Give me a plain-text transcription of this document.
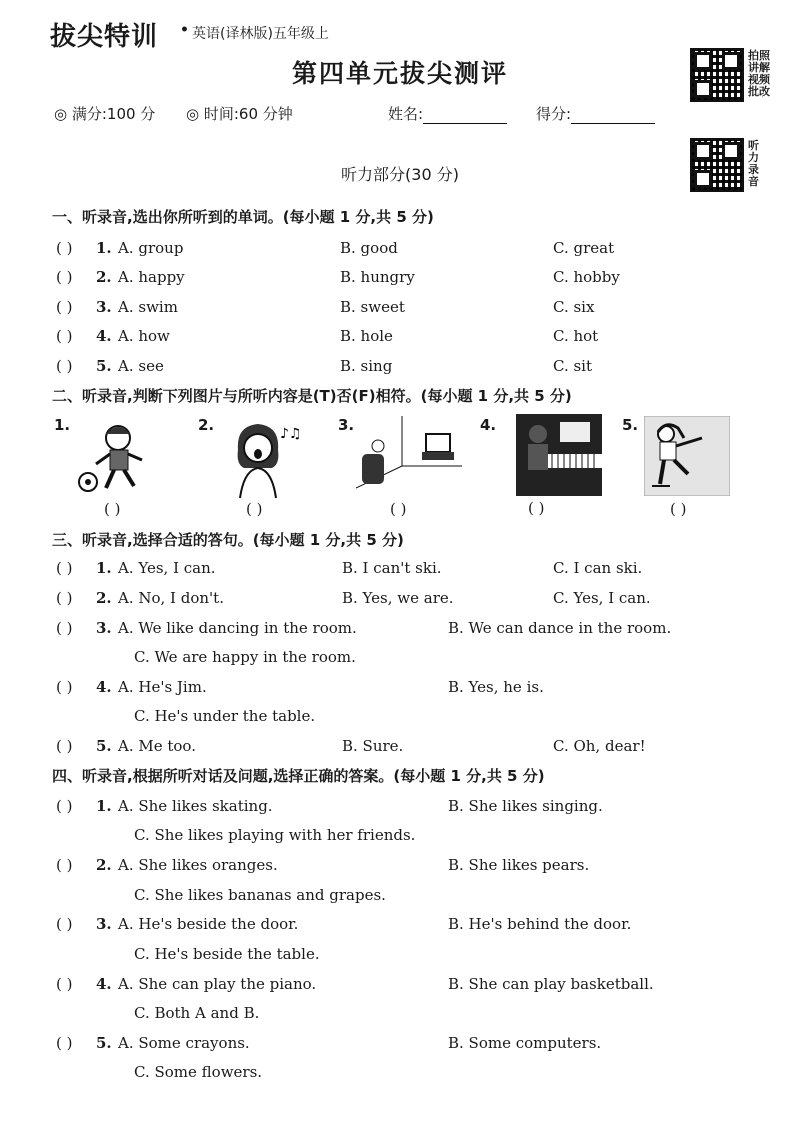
拔尖特训 • 英语(译林版)五年级上
第四单元拔尖测评
◎ 满分:100 分 ◎ 时间:60 分钟	姓名:	得分:
拍照讲解视频批改
听力录音
听力部分(30 分)
一、听录音,选出你所听到的单词。(每小题 1 分,共 5 分)
( ) 1. A. group	B. good	C. great
( ) 2. A. happy	B. hungry	C. hobby
( ) 3. A. swim	B. sweet	C. six
( ) 4. A. how	B. hole	C. hot
( ) 5. A. see	B. sing	C. sit
二、听录音,判断下列图片与所听内容是(T)否(F)相符。(每小题 1 分,共 5 分)
1.	2.	♪♫ 3.	4.	5.
( )	( )	( )	( )	( )
三、听录音,选择合适的答句。(每小题 1 分,共 5 分)
( ) 1. A. Yes, I can.	B. I can't ski.	C. I can ski.
( ) 2. A. No, I don't.	B. Yes, we are.	C. Yes, I can.
( ) 3. A. We like dancing in the room.	B. We can dance in the room.
C. We are happy in the room.
( ) 4. A. He's Jim.	B. Yes, he is.
C. He's under the table.
( ) 5. A. Me too.	B. Sure.	C. Oh, dear!
四、听录音,根据所听对话及问题,选择正确的答案。(每小题 1 分,共 5 分)
( ) 1. A. She likes skating.	B. She likes singing.
C. She likes playing with her friends.
( ) 2. A. She likes oranges.	B. She likes pears.
C. She likes bananas and grapes.
( ) 3. A. He's beside the door.	B. He's behind the door.
C. He's beside the table.
( ) 4. A. She can play the piano.	B. She can play basketball.
C. Both A and B.
( ) 5. A. Some crayons.	B. Some computers.
C. Some flowers.
